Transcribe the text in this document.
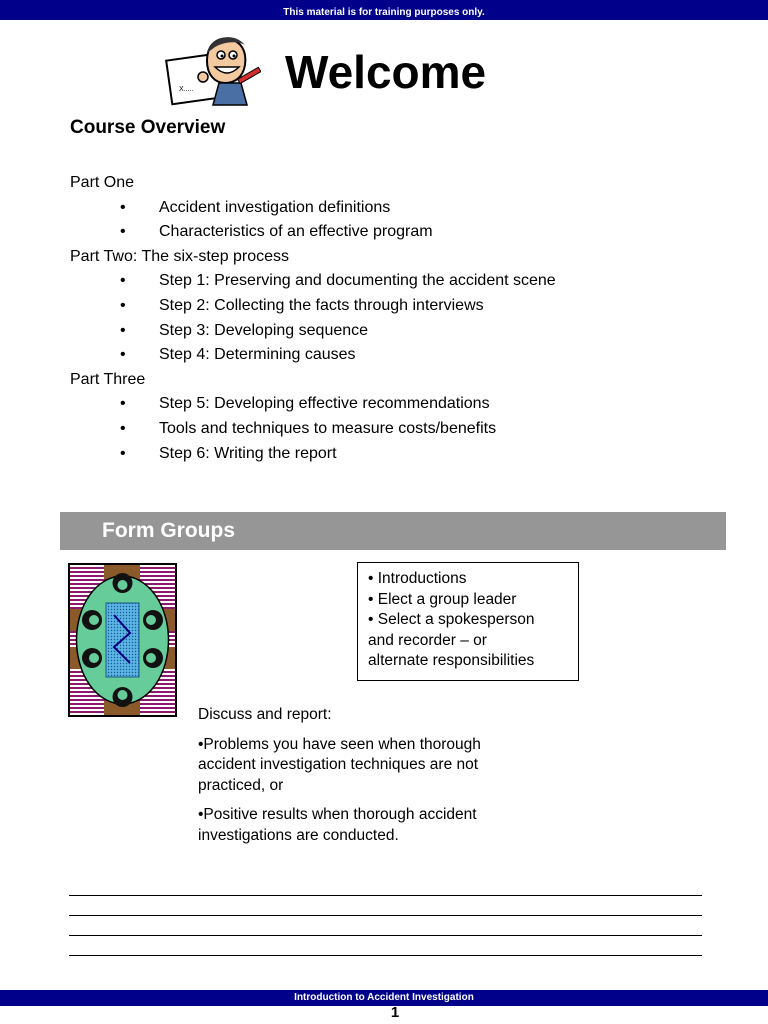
This material is for training purposes only.
X..... Welcome
Course Overview
Part One
• Accident investigation definitions
• Characteristics of an effective program
Part Two: The six-step process
• Step 1: Preserving and documenting the accident scene
• Step 2: Collecting the facts through interviews
• Step 3: Developing sequence
• Step 4: Determining causes
Part Three
• Step 5: Developing effective recommendations
• Tools and techniques to measure costs/benefits
• Step 6: Writing the report
Form Groups
• Introductions
• Elect a group leader
• Select a spokesperson
and recorder – or
alternate responsibilities

Discuss and report:

•Problems you have seen when thorough accident investigation techniques are not practiced, or

•Positive results when thorough accident investigations are conducted.

Introduction to Accident Investigation
1
